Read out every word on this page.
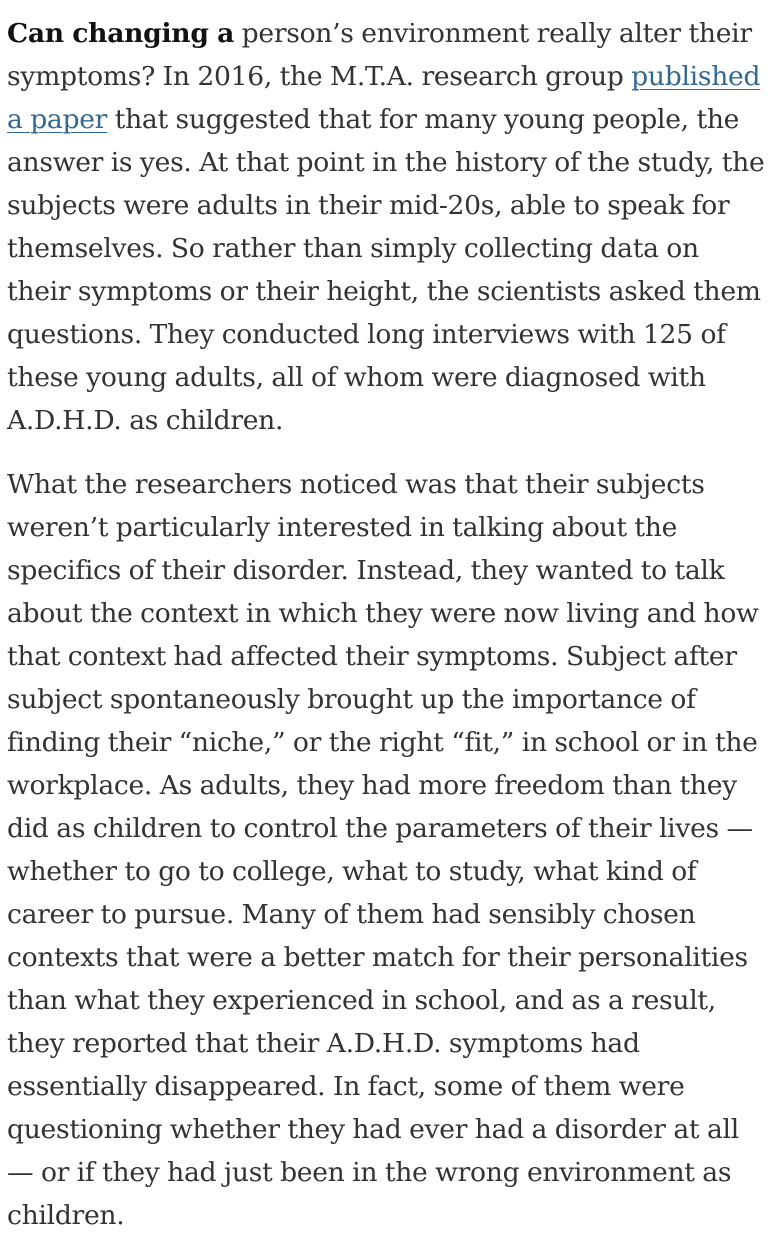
Can changing a person’s environment really alter their symptoms? In 2016, the M.T.A. research group published a paper that suggested that for many young people, the answer is yes. At that point in the history of the study, the subjects were adults in their mid-20s, able to speak for themselves. So rather than simply collecting data on their symptoms or their height, the scientists asked them questions. They conducted long interviews with 125 of these young adults, all of whom were diagnosed with A.D.H.D. as children.

What the researchers noticed was that their subjects weren’t particularly interested in talking about the specifics of their disorder. Instead, they wanted to talk about the context in which they were now living and how that context had affected their symptoms. Subject after subject spontaneously brought up the importance of finding their “niche,” or the right “fit,” in school or in the workplace. As adults, they had more freedom than they did as children to control the parameters of their lives — whether to go to college, what to study, what kind of career to pursue. Many of them had sensibly chosen contexts that were a better match for their personalities than what they experienced in school, and as a result, they reported that their A.D.H.D. symptoms had essentially disappeared. In fact, some of them were questioning whether they had ever had a disorder at all — or if they had just been in the wrong environment as children.
